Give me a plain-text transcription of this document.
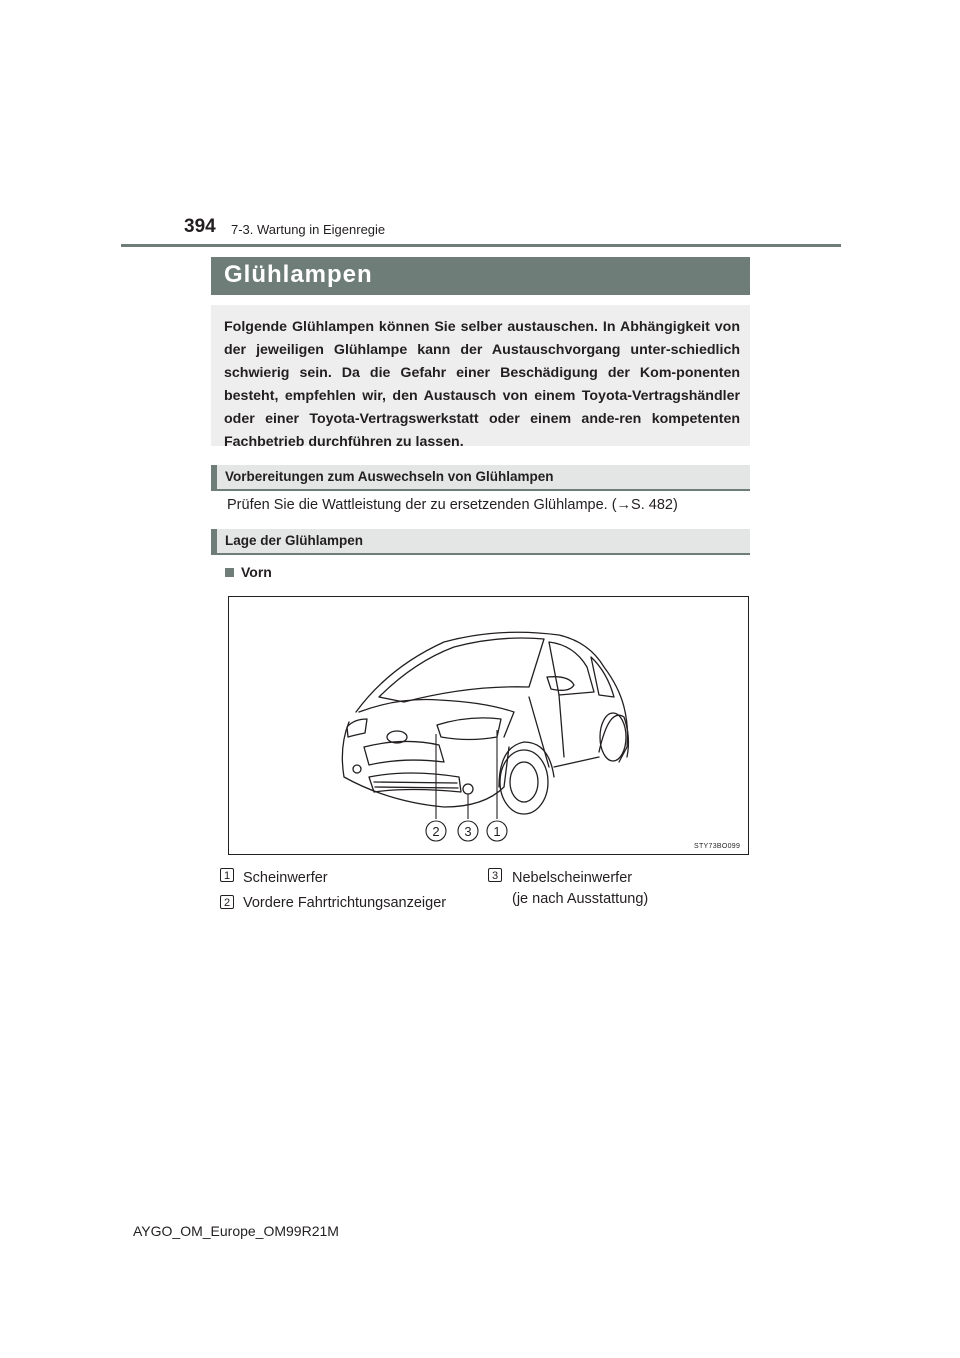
394 7-3. Wartung in Eigenregie
Glühlampen

Folgende Glühlampen können Sie selber austauschen. In Abhängigkeit von der jeweiligen Glühlampe kann der Austauschvorgang unter-schiedlich schwierig sein. Da die Gefahr einer Beschädigung der Kom-ponenten besteht, empfehlen wir, den Austausch von einem Toyota-Vertragshändler oder einer Toyota-Vertragswerkstatt oder einem ande-ren kompetenten Fachbetrieb durchführen zu lassen.

Vorbereitungen zum Auswechseln von Glühlampen
Prüfen Sie die Wattleistung der zu ersetzenden Glühlampe. (→S. 482)
Lage der Glühlampen
Vorn
2 3 1
STY73BO099
1 Scheinwerfer
2 Vordere Fahrtrichtungsanzeiger
3 Nebelscheinwerfer
(je nach Ausstattung)
AYGO_OM_Europe_OM99R21M
